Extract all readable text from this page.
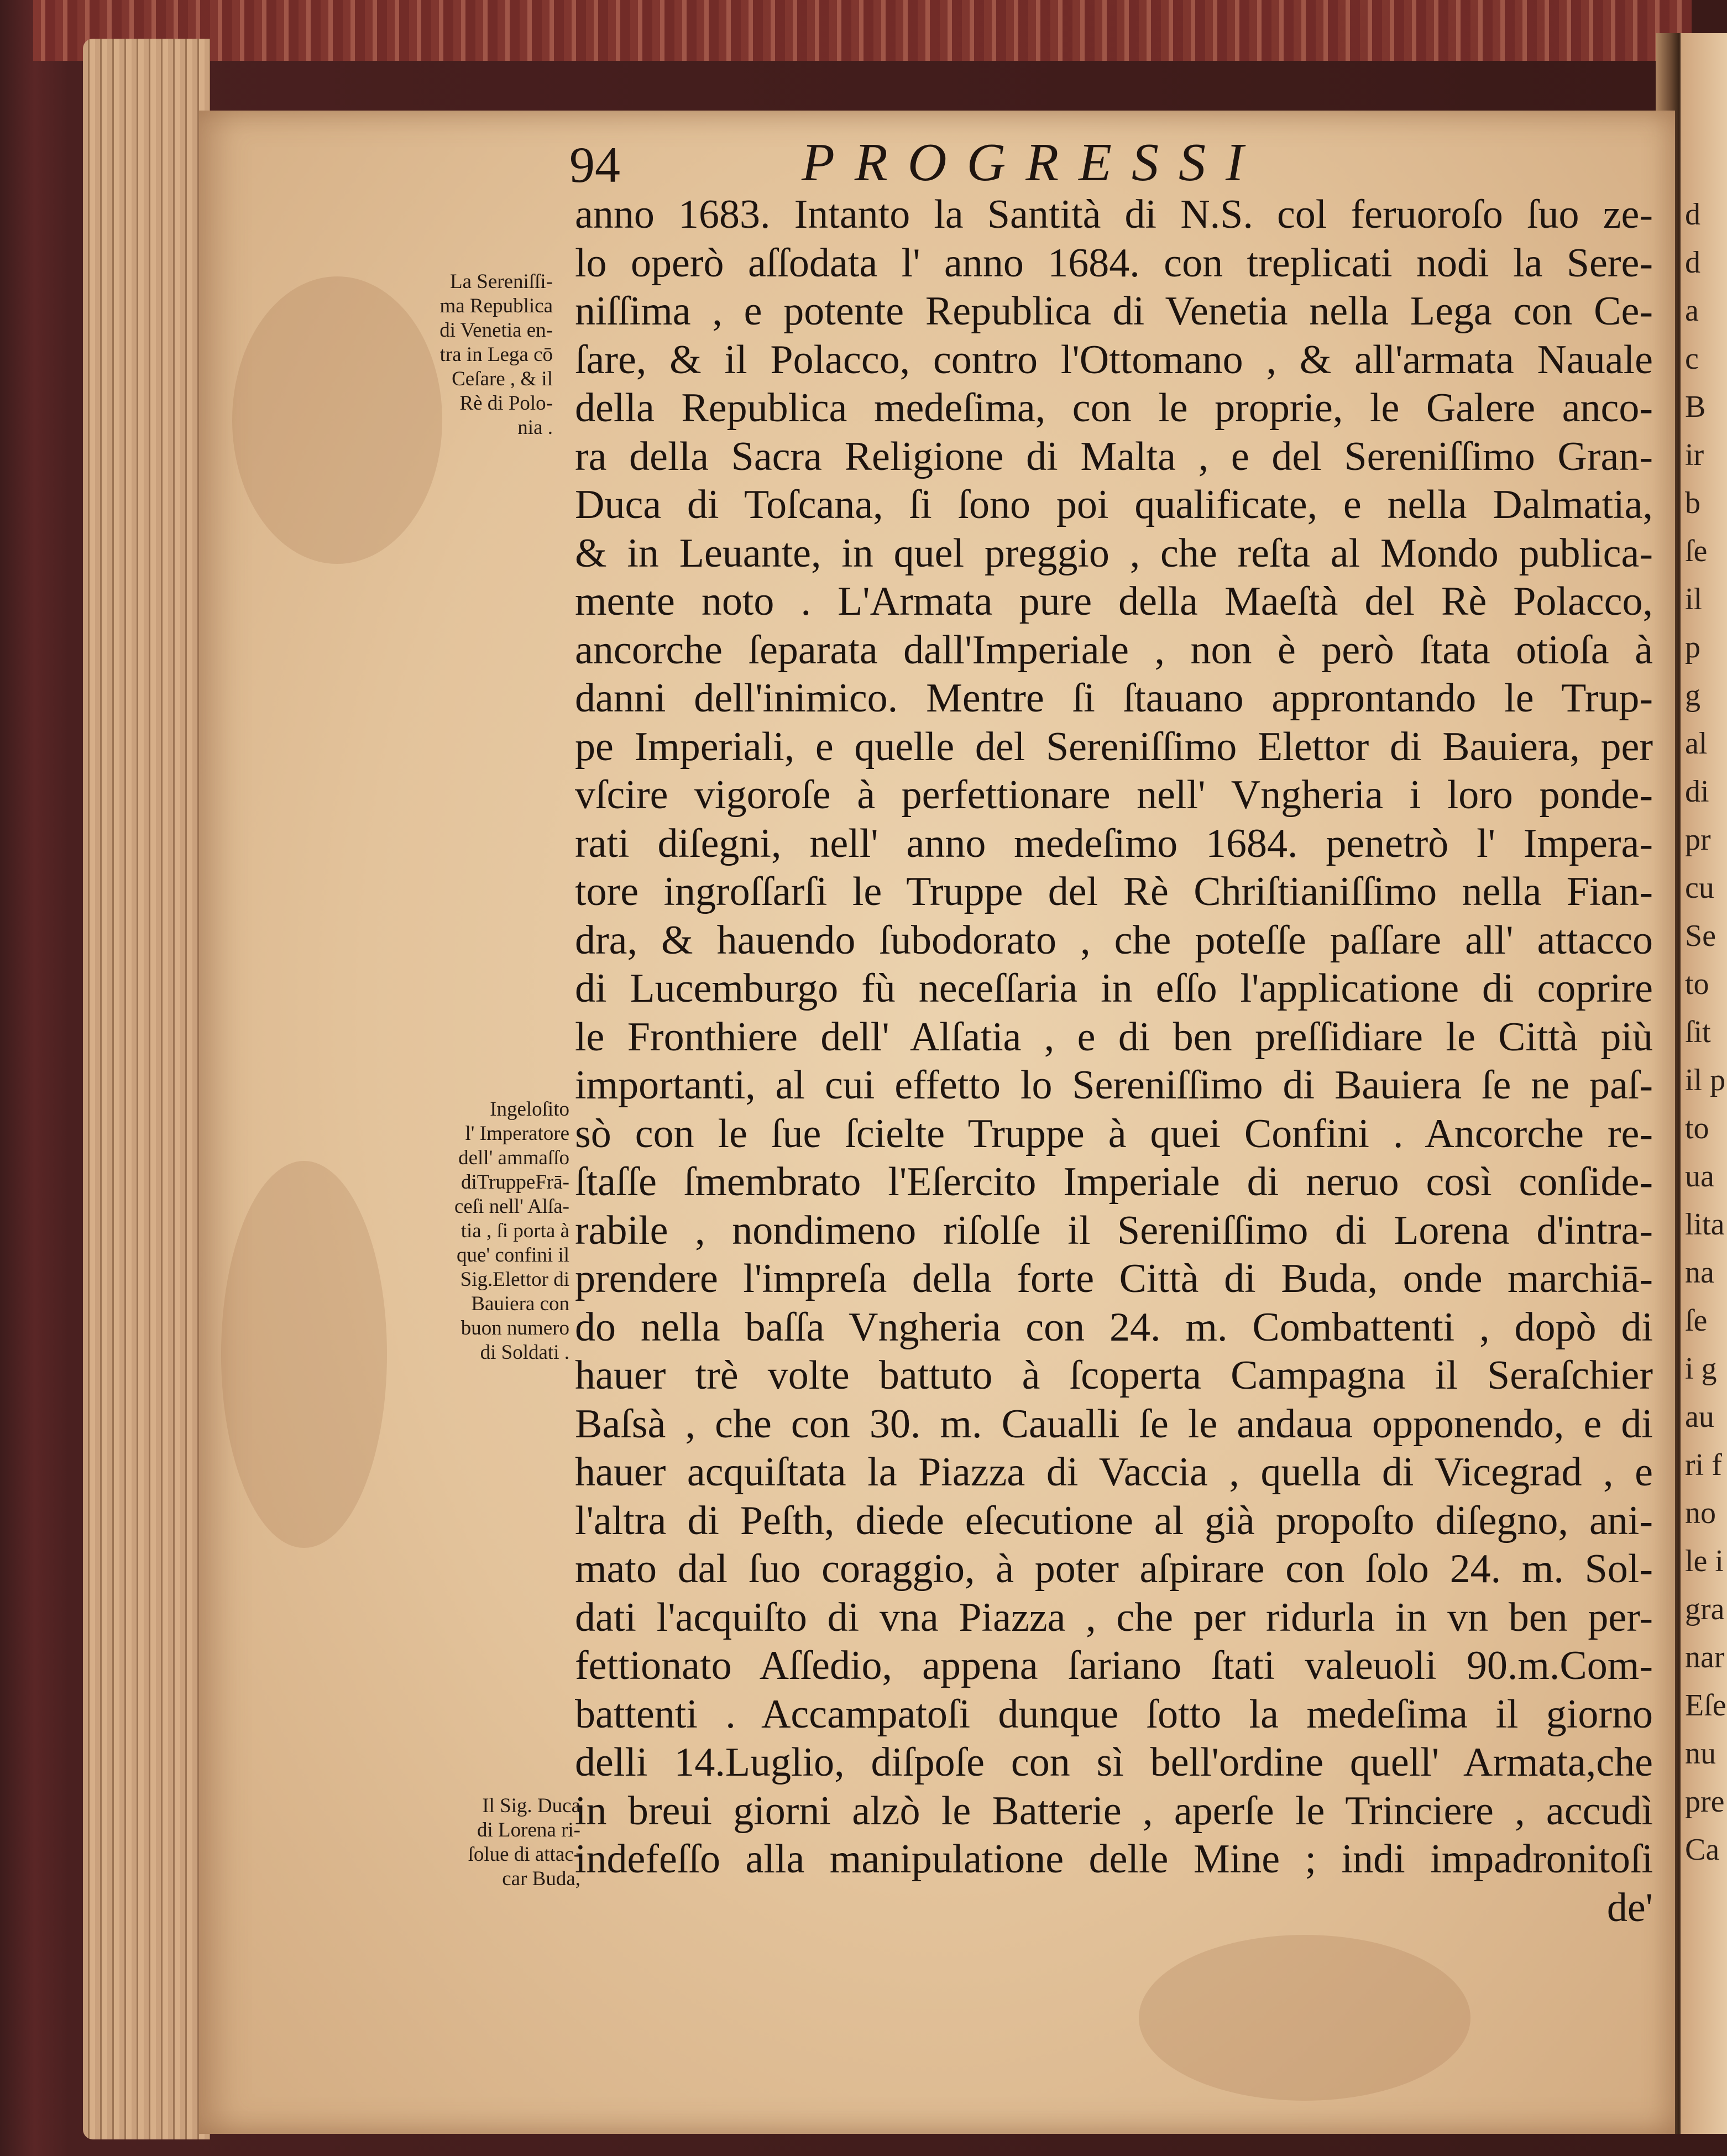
d
d
a
c
B
ir
b
ſe
il
p
g
al
di
pr
cu
Se
to
ſit
il p
to
ua
lita
na
ſe
i g
au
ri f
no
le i
gra
nar
Eſe
nu
pre
Ca
94	PROGRESSI
La Sereniſſi-
ma Republica
di Venetia en-
tra in Lega cō
Ceſare , & il
Rè di Polo-
nia .
Ingeloſito
l' Imperatore
dell' ammaſſo
diTruppeFrā-
ceſi nell' Alſa-
tia , ſi porta à
que' confini il
Sig.Elettor di
Bauiera con
buon numero
di Soldati .
Il Sig. Duca
di Lorena ri-
ſolue di attac-
car Buda,
anno 1683. Intanto la Santità di N.S. col feruoroſo ſuo ze-
lo operò aſſodata l' anno 1684. con treplicati nodi la Sere-
niſſima , e potente Republica di Venetia nella Lega con Ce-
ſare, & il Polacco, contro l'Ottomano , & all'armata Nauale
della Republica medeſima, con le proprie, le Galere anco-
ra della Sacra Religione di Malta , e del Sereniſſimo Gran-
Duca di Toſcana, ſi ſono poi qualificate, e nella Dalmatia,
& in Leuante, in quel preggio , che reſta al Mondo publica-
mente noto . L'Armata pure della Maeſtà del Rè Polacco,
ancorche ſeparata dall'Imperiale , non è però ſtata otioſa à
danni dell'inimico. Mentre ſi ſtauano approntando le Trup-
pe Imperiali, e quelle del Sereniſſimo Elettor di Bauiera, per
vſcire vigoroſe à perfettionare nell' Vngheria i loro ponde-
rati diſegni, nell' anno medeſimo 1684. penetrò l' Impera-
tore ingroſſarſi le Truppe del Rè Chriſtianiſſimo nella Fian-
dra, & hauendo ſubodorato , che poteſſe paſſare all' attacco
di Lucemburgo fù neceſſaria in eſſo l'applicatione di coprire
le Fronthiere dell' Alſatia , e di ben preſſidiare le Città più
importanti, al cui effetto lo Sereniſſimo di Bauiera ſe ne paſ-
sò con le ſue ſcielte Truppe à quei Confini . Ancorche re-
ſtaſſe ſmembrato l'Eſercito Imperiale di neruo così conſide-
rabile , nondimeno riſolſe il Sereniſſimo di Lorena d'intra-
prendere l'impreſa della forte Città di Buda, onde marchiā-
do nella baſſa Vngheria con 24. m. Combattenti , dopò di
hauer trè volte battuto à ſcoperta Campagna il Seraſchier
Baſsà , che con 30. m. Caualli ſe le andaua opponendo, e di
hauer acquiſtata la Piazza di Vaccia , quella di Vicegrad , e
l'altra di Peſth, diede eſecutione al già propoſto diſegno, ani-
mato dal ſuo coraggio, à poter aſpirare con ſolo 24. m. Sol-
dati l'acquiſto di vna Piazza , che per ridurla in vn ben per-
fettionato Aſſedio, appena ſariano ſtati valeuoli 90.m.Com-
battenti . Accampatoſi dunque ſotto la medeſima il giorno
delli 14.Luglio, diſpoſe con sì bell'ordine quell' Armata,che
in breui giorni alzò le Batterie , aperſe le Trinciere , accudì
indefeſſo alla manipulatione delle Mine ; indi impadronitoſi
de'
